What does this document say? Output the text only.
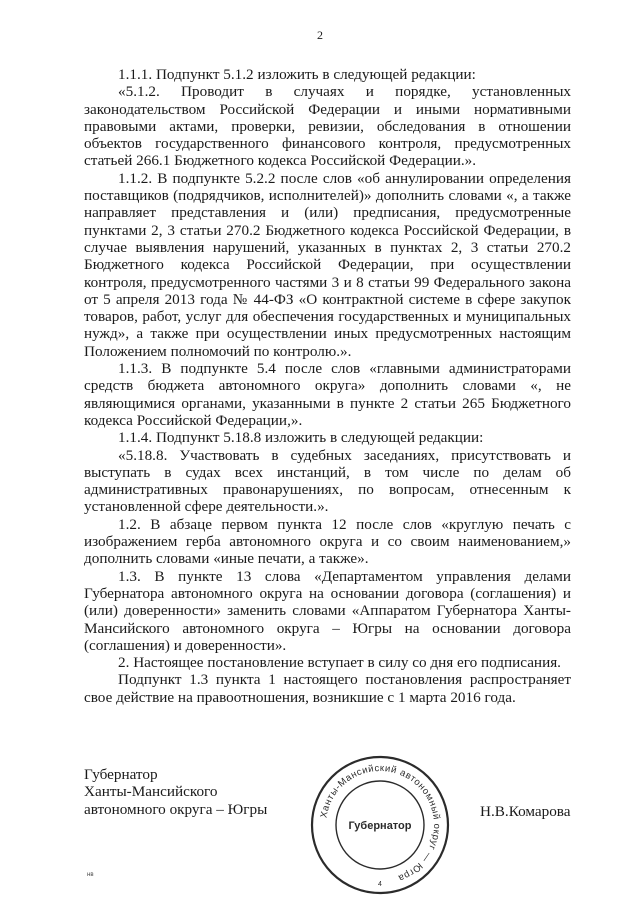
2

1.1.1. Подпункт 5.1.2 изложить в следующей редакции:

«5.1.2. Проводит в случаях и порядке, установленных законодательством Российской Федерации и иными нормативными правовыми актами, проверки, ревизии, обследования в отношении объектов государственного финансового контроля, предусмотренных статьей 266.1 Бюджетного кодекса Российской Федерации.».

1.1.2. В подпункте 5.2.2 после слов «об аннулировании определения поставщиков (подрядчиков, исполнителей)» дополнить словами «, а также направляет представления и (или) предписания, предусмотренные пунктами 2, 3 статьи 270.2 Бюджетного кодекса Российской Федерации, в случае выявления нарушений, указанных в пунктах 2, 3 статьи 270.2 Бюджетного кодекса Российской Федерации, при осуществлении контроля, предусмотренного частями 3 и 8 статьи 99 Федерального закона от 5 апреля 2013 года № 44-ФЗ «О контрактной системе в сфере закупок товаров, работ, услуг для обеспечения государственных и муниципальных нужд», а также при осуществлении иных предусмотренных настоящим Положением полномочий по контролю.».

1.1.3. В подпункте 5.4 после слов «главными администраторами средств бюджета автономного округа» дополнить словами «, не являющимися органами, указанными в пункте 2 статьи 265 Бюджетного кодекса Российской Федерации,».

1.1.4. Подпункт 5.18.8 изложить в следующей редакции:

«5.18.8. Участвовать в судебных заседаниях, присутствовать и выступать в судах всех инстанций, в том числе по делам об административных правонарушениях, по вопросам, отнесенным к установленной сфере деятельности.».

1.2. В абзаце первом пункта 12 после слов «круглую печать с изображением герба автономного округа и со своим наименованием,» дополнить словами «иные печати, а также».

1.3. В пункте 13 слова «Департаментом управления делами Губернатора автономного округа на основании договора (соглашения) и (или) доверенности» заменить словами «Аппаратом Губернатора Ханты-Мансийского автономного округа – Югры на основании договора (соглашения) и доверенности».

2. Настоящее постановление вступает в силу со дня его подписания.

Подпункт 1.3 пункта 1 настоящего постановления распространяет свое действие на правоотношения, возникшие с 1 марта 2016 года.

Губернатор
Ханты-Мансийского
автономного округа – Югры	Ханты-Мансийский автономный округ — Югра
Губернатор
4
Н.В.Комарова
нв
